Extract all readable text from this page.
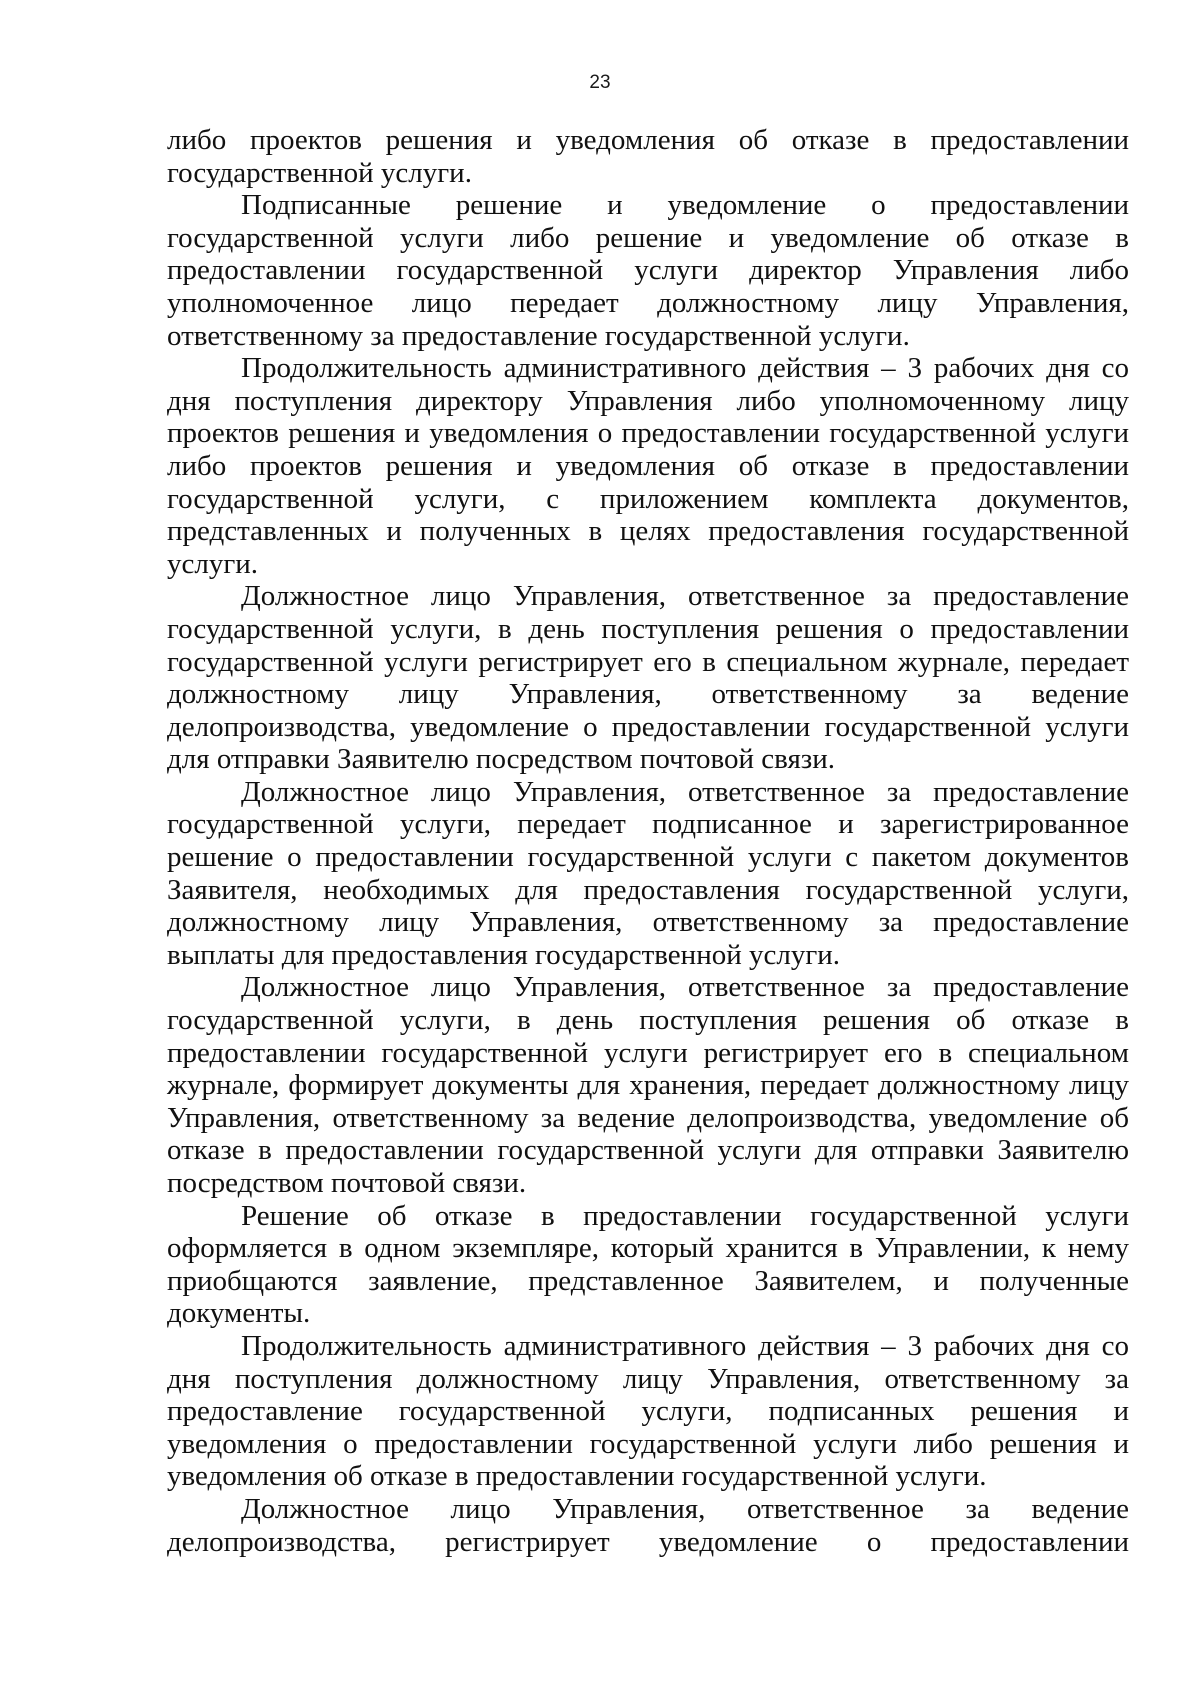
23

либо проектов решения и уведомления об отказе в предоставлении государственной услуги.

Подписанные решение и уведомление о предоставлении государственной услуги либо решение и уведомление об отказе в предоставлении государственной услуги директор Управления либо уполномоченное лицо передает должностному лицу Управления, ответственному за предоставление государственной услуги.

Продолжительность административного действия – 3 рабочих дня со дня поступления директору Управления либо уполномоченному лицу проектов решения и уведомления о предоставлении государственной услуги либо проектов решения и уведомления об отказе в предоставлении государственной услуги, с приложением комплекта документов, представленных и полученных в целях предоставления государственной услуги.

Должностное лицо Управления, ответственное за предоставление государственной услуги, в день поступления решения о предоставлении государственной услуги регистрирует его в специальном журнале, передает должностному лицу Управления, ответственному за ведение делопроизводства, уведомление о предоставлении государственной услуги для отправки Заявителю посредством почтовой связи.

Должностное лицо Управления, ответственное за предоставление государственной услуги, передает подписанное и зарегистрированное решение о предоставлении государственной услуги с пакетом документов Заявителя, необходимых для предоставления государственной услуги, должностному лицу Управления, ответственному за предоставление выплаты для предоставления государственной услуги.

Должностное лицо Управления, ответственное за предоставление государственной услуги, в день поступления решения об отказе в предоставлении государственной услуги регистрирует его в специальном журнале, формирует документы для хранения, передает должностному лицу Управления, ответственному за ведение делопроизводства, уведомление об отказе в предоставлении государственной услуги для отправки Заявителю посредством почтовой связи.

Решение об отказе в предоставлении государственной услуги оформляется в одном экземпляре, который хранится в Управлении, к нему приобщаются заявление, представленное Заявителем, и полученные документы.

Продолжительность административного действия – 3 рабочих дня со дня поступления должностному лицу Управления, ответственному за предоставление государственной услуги, подписанных решения и уведомления о предоставлении государственной услуги либо решения и уведомления об отказе в предоставлении государственной услуги.

Должностное лицо Управления, ответственное за ведение делопроизводства, регистрирует уведомление о предоставлении
